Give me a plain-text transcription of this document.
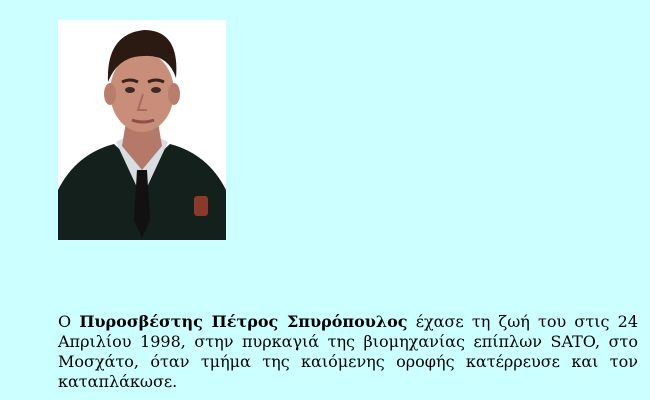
Ο Πυροσβέστης Πέτρος Σπυρόπουλος έχασε τη ζωή του στις 24 Απριλίου 1998, στην πυρκαγιά της βιομηχανίας επίπλων SATO, στο Μοσχάτο, όταν τμήμα της καιόμενης οροφής κατέρρευσε και τον καταπλάκωσε.
